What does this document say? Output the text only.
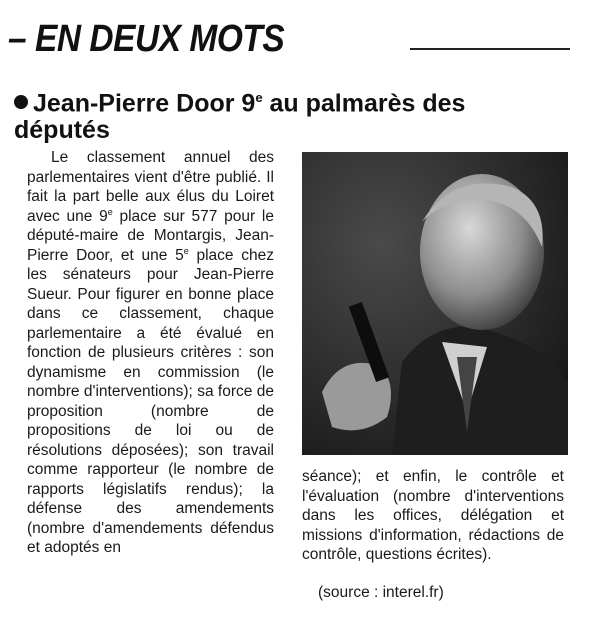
– EN DEUX MOTS
Jean-Pierre Door 9e au palmarès des députés

Le classement annuel des parlementaires vient d'être publié. Il fait la part belle aux élus du Loiret avec une 9e place sur 577 pour le député-maire de Montargis, Jean-Pierre Door, et une 5e place chez les sénateurs pour Jean-Pierre Sueur. Pour figurer en bonne place dans ce classement, chaque parlementaire a été évalué en fonction de plusieurs critères : son dynamisme en commission (le nombre d'interventions); sa force de proposition (nombre de propositions de loi ou de résolutions déposées); son travail comme rapporteur (le nombre de rapports législatifs rendus); la défense des amendements (nombre d'amendements défendus et adoptés en

séance); et enfin, le contrôle et l'évaluation (nombre d'interventions dans les offices, délégation et missions d'information, rédactions de contrôle, questions écrites).

(source : interel.fr)
